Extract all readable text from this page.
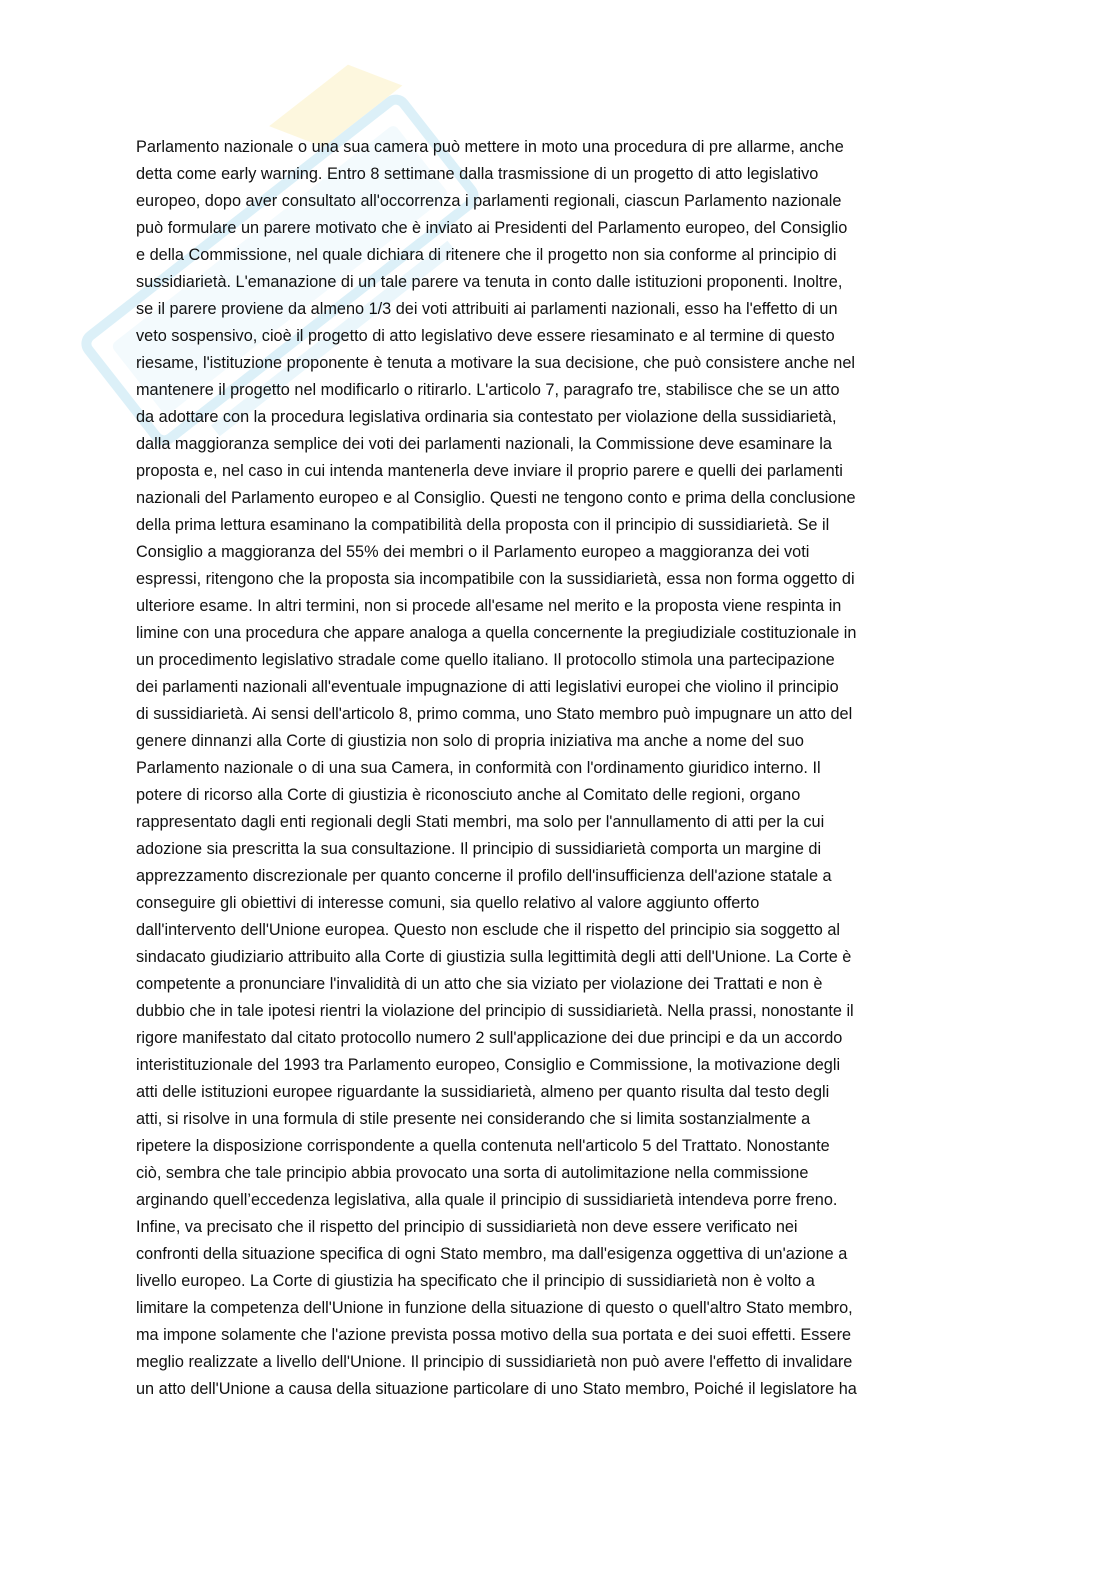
Parlamento nazionale o una sua camera può mettere in moto una procedura di pre allarme, anche
detta come early warning. Entro 8 settimane dalla trasmissione di un progetto di atto legislativo
europeo, dopo aver consultato all'occorrenza i parlamenti regionali, ciascun Parlamento nazionale
può formulare un parere motivato che è inviato ai Presidenti del Parlamento europeo, del Consiglio
e della Commissione, nel quale dichiara di ritenere che il progetto non sia conforme al principio di
sussidiarietà. L'emanazione di un tale parere va tenuta in conto dalle istituzioni proponenti. Inoltre,
se il parere proviene da almeno 1/3 dei voti attribuiti ai parlamenti nazionali, esso ha l'effetto di un
veto sospensivo, cioè il progetto di atto legislativo deve essere riesaminato e al termine di questo
riesame, l'istituzione proponente è tenuta a motivare la sua decisione, che può consistere anche nel
mantenere il progetto nel modificarlo o ritirarlo. L'articolo 7, paragrafo tre, stabilisce che se un atto
da adottare con la procedura legislativa ordinaria sia contestato per violazione della sussidiarietà,
dalla maggioranza semplice dei voti dei parlamenti nazionali, la Commissione deve esaminare la
proposta e, nel caso in cui intenda mantenerla deve inviare il proprio parere e quelli dei parlamenti
nazionali del Parlamento europeo e al Consiglio. Questi ne tengono conto e prima della conclusione
della prima lettura esaminano la compatibilità della proposta con il principio di sussidiarietà. Se il
Consiglio a maggioranza del 55% dei membri o il Parlamento europeo a maggioranza dei voti
espressi, ritengono che la proposta sia incompatibile con la sussidiarietà, essa non forma oggetto di
ulteriore esame. In altri termini, non si procede all'esame nel merito e la proposta viene respinta in
limine con una procedura che appare analoga a quella concernente la pregiudiziale costituzionale in
un procedimento legislativo stradale come quello italiano. Il protocollo stimola una partecipazione
dei parlamenti nazionali all'eventuale impugnazione di atti legislativi europei che violino il principio
di sussidiarietà. Ai sensi dell'articolo 8, primo comma, uno Stato membro può impugnare un atto del
genere dinnanzi alla Corte di giustizia non solo di propria iniziativa ma anche a nome del suo
Parlamento nazionale o di una sua Camera, in conformità con l'ordinamento giuridico interno. Il
potere di ricorso alla Corte di giustizia è riconosciuto anche al Comitato delle regioni, organo
rappresentato dagli enti regionali degli Stati membri, ma solo per l'annullamento di atti per la cui
adozione sia prescritta la sua consultazione. Il principio di sussidiarietà comporta un margine di
apprezzamento discrezionale per quanto concerne il profilo dell'insufficienza dell'azione statale a
conseguire gli obiettivi di interesse comuni, sia quello relativo al valore aggiunto offerto
dall'intervento dell'Unione europea. Questo non esclude che il rispetto del principio sia soggetto al
sindacato giudiziario attribuito alla Corte di giustizia sulla legittimità degli atti dell'Unione. La Corte è
competente a pronunciare l'invalidità di un atto che sia viziato per violazione dei Trattati e non è
dubbio che in tale ipotesi rientri la violazione del principio di sussidiarietà. Nella prassi, nonostante il
rigore manifestato dal citato protocollo numero 2 sull'applicazione dei due principi e da un accordo
interistituzionale del 1993 tra Parlamento europeo, Consiglio e Commissione, la motivazione degli
atti delle istituzioni europee riguardante la sussidiarietà, almeno per quanto risulta dal testo degli
atti, si risolve in una formula di stile presente nei considerando che si limita sostanzialmente a
ripetere la disposizione corrispondente a quella contenuta nell'articolo 5 del Trattato. Nonostante
ciò, sembra che tale principio abbia provocato una sorta di autolimitazione nella commissione
arginando quell’eccedenza legislativa, alla quale il principio di sussidiarietà intendeva porre freno.
Infine, va precisato che il rispetto del principio di sussidiarietà non deve essere verificato nei
confronti della situazione specifica di ogni Stato membro, ma dall'esigenza oggettiva di un'azione a
livello europeo. La Corte di giustizia ha specificato che il principio di sussidiarietà non è volto a
limitare la competenza dell'Unione in funzione della situazione di questo o quell'altro Stato membro,
ma impone solamente che l'azione prevista possa motivo della sua portata e dei suoi effetti. Essere
meglio realizzate a livello dell'Unione. Il principio di sussidiarietà non può avere l'effetto di invalidare
un atto dell'Unione a causa della situazione particolare di uno Stato membro, Poiché il legislatore ha
